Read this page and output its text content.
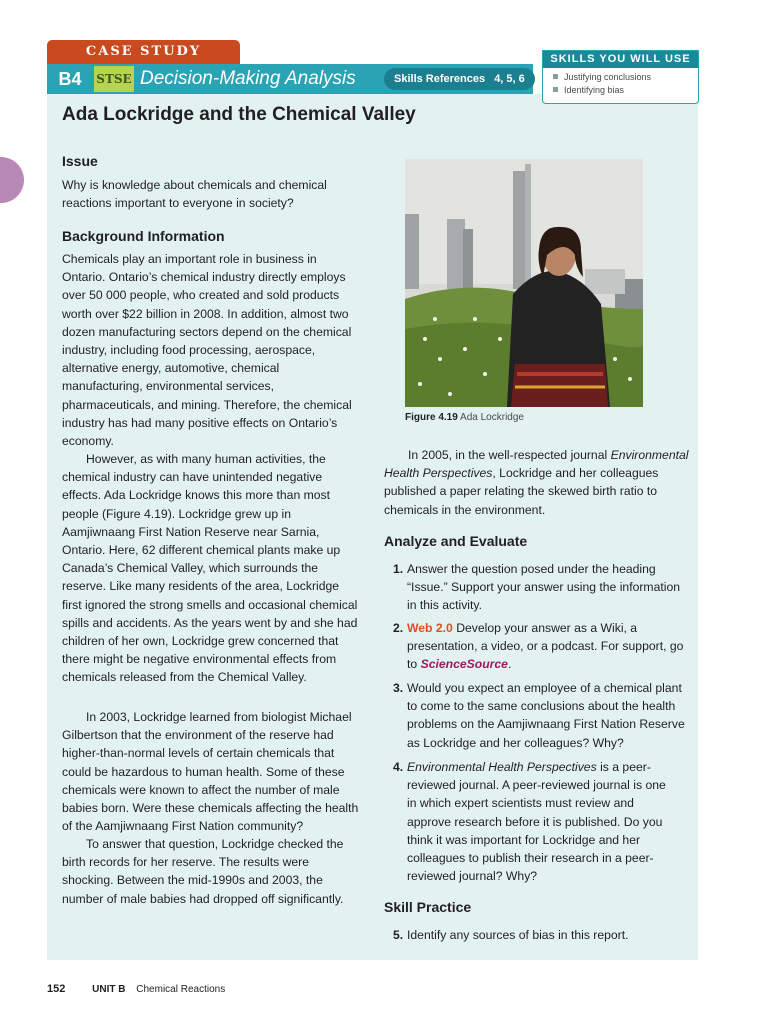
CASE STUDY
B4	STSE Decision-Making Analysis	Skills References 4, 5, 6
SKILLS YOU WILL USE
Justifying conclusions
Identifying bias
Ada Lockridge and the Chemical Valley
Issue

Why is knowledge about chemicals and chemical reactions important to everyone in society?

Background Information

Chemicals play an important role in business in Ontario. Ontario’s chemical industry directly employs over 50 000 people, who created and sold products worth over $22 billion in 2008. In addition, almost two dozen manufacturing sectors depend on the chemical industry, including food processing, aerospace, alternative energy, automotive, chemical manufacturing, environmental services, pharmaceuticals, and mining. Therefore, the chemical industry has had many positive effects on Ontario’s economy.

However, as with many human activities, the chemical industry can have unintended negative effects. Ada Lockridge knows this more than most people (Figure 4.19). Lockridge grew up in Aamjiwnaang First Nation Reserve near Sarnia, Ontario. Here, 62 different chemical plants make up Canada’s Chemical Valley, which surrounds the reserve. Like many residents of the area, Lockridge first ignored the strong smells and occasional chemical spills and accidents. As the years went by and she had children of her own, Lockridge grew concerned that there might be negative environmental effects from chemicals released from the Chemical Valley.

In 2003, Lockridge learned from biologist Michael Gilbertson that the environment of the reserve had higher-than-normal levels of certain chemicals that could be hazardous to human health. Some of these chemicals were known to affect the number of male babies born. Were these chemicals affecting the health of the Aamjiwnaang First Nation community?

To answer that question, Lockridge checked the birth records for her reserve. The results were shocking. Between the mid-1990s and 2003, the number of male babies had dropped off significantly.

Figure 4.19 Ada Lockridge

In 2005, in the well-respected journal Environmental Health Perspectives, Lockridge and her colleagues published a paper relating the skewed birth ratio to chemicals in the environment.

Analyze and Evaluate
1. Answer the question posed under the heading “Issue.” Support your answer using the information in this activity.
2. Web 2.0 Develop your answer as a Wiki, a presentation, a video, or a podcast. For support, go to ScienceSource.
3. Would you expect an employee of a chemical plant to come to the same conclusions about the health problems on the Aamjiwnaang First Nation Reserve as Lockridge and her colleagues? Why?
4. Environmental Health Perspectives is a peer-reviewed journal. A peer-reviewed journal is one in which expert scientists must review and approve research before it is published. Do you think it was important for Lockridge and her colleagues to publish their research in a peer-reviewed journal? Why?
Skill Practice
5. Identify any sources of bias in this report.
152	UNIT B Chemical Reactions
